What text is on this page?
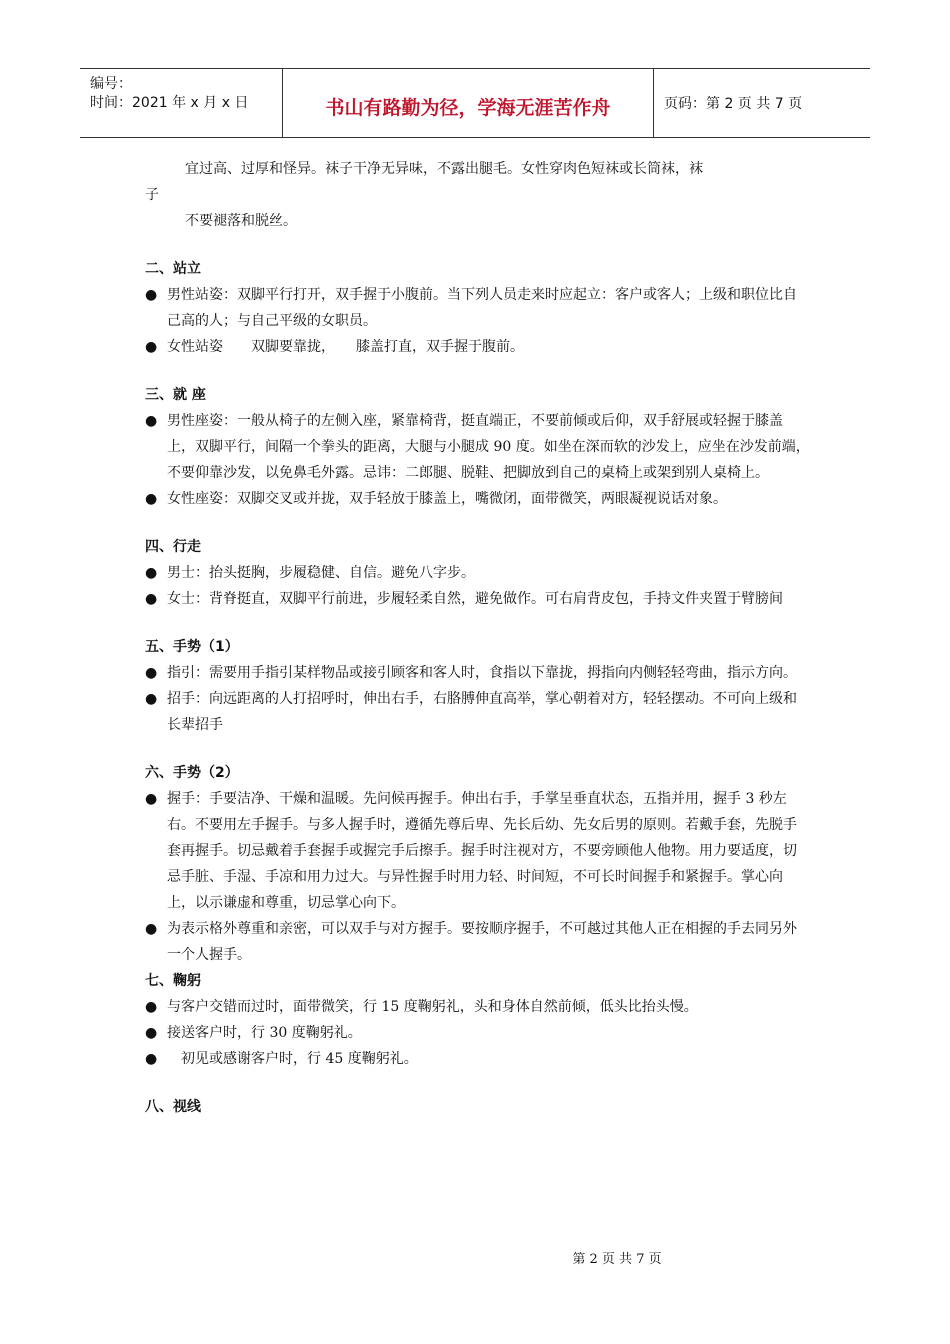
编号：
时间：2021 年 x 月 x 日	书山有路勤为径，学海无涯苦作舟	页码：第 2 页 共 7 页
宜过高、过厚和怪异。袜子干净无异味，不露出腿毛。女性穿肉色短袜或长筒袜，袜
子
不要褪落和脱丝。
二、站立
● 男性站姿：双脚平行打开，双手握于小腹前。当下列人员走来时应起立：客户或客人；上级和职位比自己高的人；与自己平级的女职员。
● 女性站姿　　双脚要靠拢，　　膝盖打直，双手握于腹前。
三、就 座
● 男性座姿：一般从椅子的左侧入座，紧靠椅背，挺直端正，不要前倾或后仰，双手舒展或轻握于膝盖上，双脚平行，间隔一个拳头的距离，大腿与小腿成 90 度。如坐在深而软的沙发上，应坐在沙发前端，不要仰靠沙发，以免鼻毛外露。忌讳：二郎腿、脱鞋、把脚放到自己的桌椅上或架到别人桌椅上。
● 女性座姿：双脚交叉或并拢，双手轻放于膝盖上，嘴微闭，面带微笑，两眼凝视说话对象。
四、行走
● 男士：抬头挺胸，步履稳健、自信。避免八字步。
● 女士：背脊挺直，双脚平行前进，步履轻柔自然，避免做作。可右肩背皮包，手持文件夹置于臂膀间
五、手势（1）
● 指引：需要用手指引某样物品或接引顾客和客人时，食指以下靠拢，拇指向内侧轻轻弯曲，指示方向。
● 招手：向远距离的人打招呼时，伸出右手，右胳膊伸直高举，掌心朝着对方，轻轻摆动。不可向上级和长辈招手
六、手势（2）
● 握手：手要洁净、干燥和温暖。先问候再握手。伸出右手，手掌呈垂直状态，五指并用，握手 3 秒左右。不要用左手握手。与多人握手时，遵循先尊后卑、先长后幼、先女后男的原则。若戴手套，先脱手套再握手。切忌戴着手套握手或握完手后擦手。握手时注视对方，不要旁顾他人他物。用力要适度，切忌手脏、手湿、手凉和用力过大。与异性握手时用力轻、时间短，不可长时间握手和紧握手。掌心向上，以示谦虚和尊重，切忌掌心向下。
● 为表示格外尊重和亲密，可以双手与对方握手。要按顺序握手，不可越过其他人正在相握的手去同另外一个人握手。
七、鞠躬
● 与客户交错而过时，面带微笑，行 15 度鞠躬礼，头和身体自然前倾，低头比抬头慢。
● 接送客户时，行 30 度鞠躬礼。
● 　初见或感谢客户时，行 45 度鞠躬礼。
八、视线
第 2 页 共 7 页
